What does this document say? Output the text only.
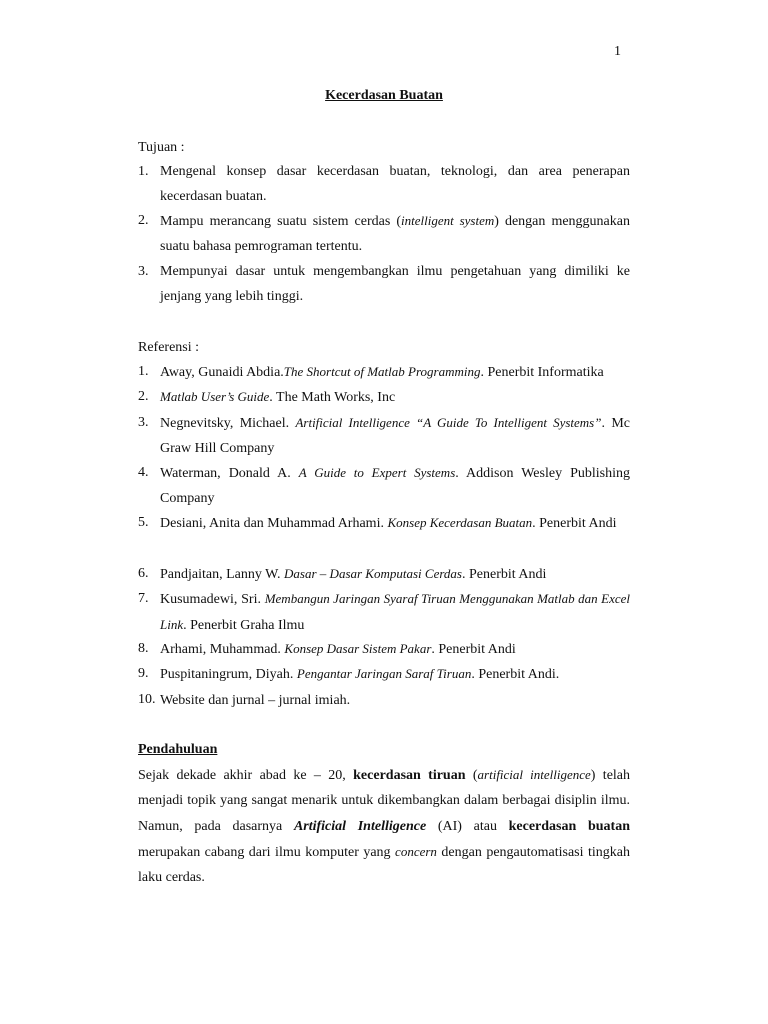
1
Kecerdasan Buatan
Tujuan :
1. Mengenal konsep dasar kecerdasan buatan, teknologi, dan area penerapan kecerdasan buatan.
2. Mampu merancang suatu sistem cerdas (intelligent system) dengan menggunakan suatu bahasa pemrograman tertentu.
3. Mempunyai dasar untuk mengembangkan ilmu pengetahuan yang dimiliki ke jenjang yang lebih tinggi.
Referensi :
1. Away, Gunaidi Abdia.The Shortcut of Matlab Programming. Penerbit Informatika
2. Matlab User’s Guide. The Math Works, Inc
3. Negnevitsky, Michael. Artificial Intelligence “A Guide To Intelligent Systems”. Mc Graw Hill Company
4. Waterman, Donald A. A Guide to Expert Systems. Addison Wesley Publishing Company
5. Desiani, Anita dan Muhammad Arhami. Konsep Kecerdasan Buatan. Penerbit Andi
6. Pandjaitan, Lanny W. Dasar – Dasar Komputasi Cerdas. Penerbit Andi
7. Kusumadewi, Sri. Membangun Jaringan Syaraf Tiruan Menggunakan Matlab dan Excel Link. Penerbit Graha Ilmu
8. Arhami, Muhammad. Konsep Dasar Sistem Pakar. Penerbit Andi
9. Puspitaningrum, Diyah. Pengantar Jaringan Saraf Tiruan. Penerbit Andi.
10. Website dan jurnal – jurnal imiah.
Pendahuluan
Sejak dekade akhir abad ke – 20, kecerdasan tiruan (artificial intelligence) telah menjadi topik yang sangat menarik untuk dikembangkan dalam berbagai disiplin ilmu. Namun, pada dasarnya Artificial Intelligence (AI) atau kecerdasan buatan merupakan cabang dari ilmu komputer yang concern dengan pengautomatisasi tingkah laku cerdas.
